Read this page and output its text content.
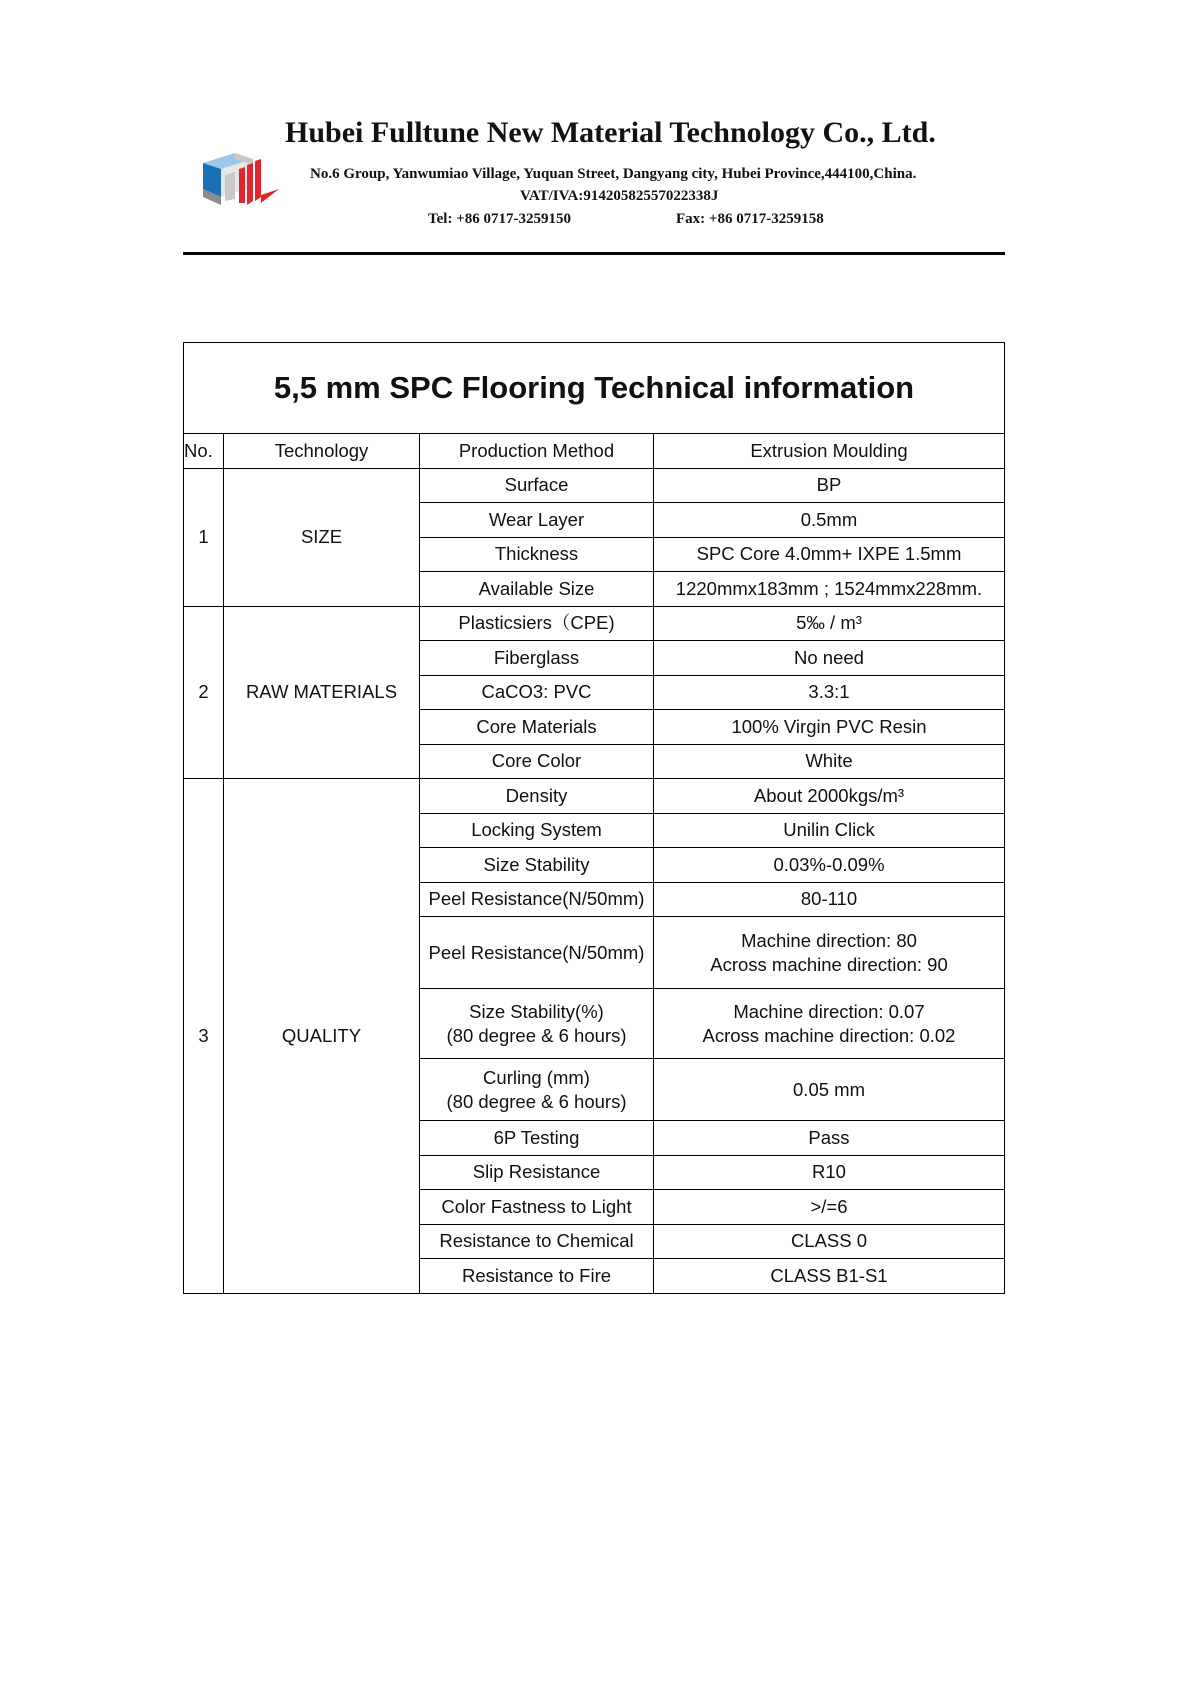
Hubei Fulltune New Material Technology Co., Ltd.
No.6 Group, Yanwumiao Village, Yuquan Street, Dangyang city, Hubei Province,444100,China.
VAT/IVA:91420582557022338J
Tel: +86 0717-3259150	Fax: +86 0717-3259158
5,5 mm SPC Flooring Technical information			
No.	Technology	Production Method	Extrusion Moulding
1	SIZE	Surface	BP

		Wear Layer	0.5mm

		Thickness	SPC Core 4.0mm+ IXPE 1.5mm

		Available Size	1220mmx183mm ; 1524mmx228mm.

2	RAW MATERIALS	Plasticsiers（CPE)	5‰ / m³

		Fiberglass	No need

		CaCO3: PVC	3.3:1

		Core Materials	100% Virgin PVC Resin

		Core Color	White

3	QUALITY	Density	About 2000kgs/m³

		Locking System	Unilin Click

		Size Stability	0.03%-0.09%

		Peel Resistance(N/50mm)	80-110

		Peel Resistance(N/50mm)	Machine direction: 80
Across machine direction: 90

		Size Stability(%)
(80 degree & 6 hours)	Machine direction: 0.07
Across machine direction: 0.02

		Curling (mm)
(80 degree & 6 hours)	0.05 mm

		6P Testing	Pass

		Slip Resistance	R10

		Color Fastness to Light	>/=6

		Resistance to Chemical	CLASS 0

		Resistance to Fire	CLASS B1-S1
